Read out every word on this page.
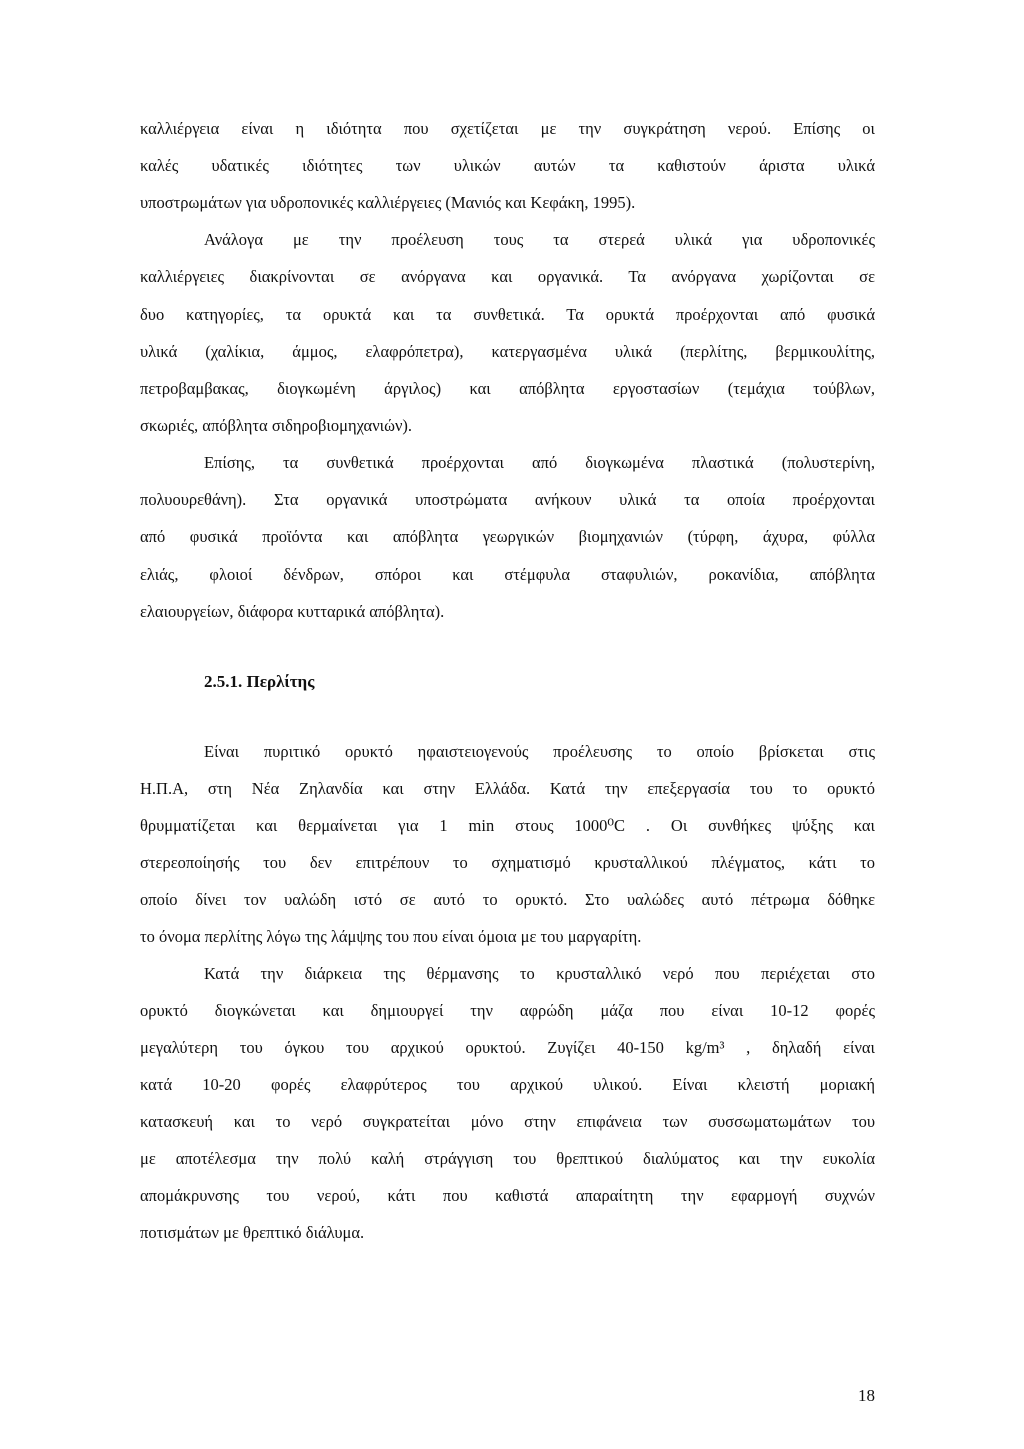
καλλιέργεια είναι η ιδιότητα που σχετίζεται με την συγκράτηση νερού. Επίσης οι
καλές υδατικές ιδιότητες των υλικών αυτών τα καθιστούν άριστα υλικά
υποστρωμάτων για υδροπονικές καλλιέργειες (Μανιός και Κεφάκη, 1995).
Ανάλογα με την προέλευση τους τα στερεά υλικά για υδροπονικές
καλλιέργειες διακρίνονται σε ανόργανα και οργανικά. Τα ανόργανα χωρίζονται σε
δυο κατηγορίες, τα ορυκτά και τα συνθετικά. Τα ορυκτά προέρχονται από φυσικά
υλικά (χαλίκια, άμμος, ελαφρόπετρα), κατεργασμένα υλικά (περλίτης, βερμικουλίτης,
πετροβαμβακας, διογκωμένη άργιλος) και απόβλητα εργοστασίων (τεμάχια τούβλων,
σκωριές, απόβλητα σιδηροβιομηχανιών).
Επίσης, τα συνθετικά προέρχονται από διογκωμένα πλαστικά (πολυστερίνη,
πολυουρεθάνη). Στα οργανικά υποστρώματα ανήκουν υλικά τα οποία προέρχονται
από φυσικά προϊόντα και απόβλητα γεωργικών βιομηχανιών (τύρφη, άχυρα, φύλλα
ελιάς, φλοιοί δένδρων, σπόροι και στέμφυλα σταφυλιών, ροκανίδια, απόβλητα
ελαιουργείων, διάφορα κυτταρικά απόβλητα).
2.5.1. Περλίτης
Είναι πυριτικό ορυκτό ηφαιστειογενούς προέλευσης το οποίο βρίσκεται στις
Η.Π.Α, στη Νέα Ζηλανδία και στην Ελλάδα. Κατά την επεξεργασία του το ορυκτό
θρυμματίζεται και θερμαίνεται για 1 min στους 1000⁰C . Οι συνθήκες ψύξης και
στερεοποίησής του δεν επιτρέπουν το σχηματισμό κρυσταλλικού πλέγματος, κάτι το
οποίο δίνει τον υαλώδη ιστό σε αυτό το ορυκτό. Στο υαλώδες αυτό πέτρωμα δόθηκε
το όνομα περλίτης λόγω της λάμψης του που είναι όμοια με του μαργαρίτη.
Κατά την διάρκεια της θέρμανσης το κρυσταλλικό νερό που περιέχεται στο
ορυκτό διογκώνεται και δημιουργεί την αφρώδη μάζα που είναι 10-12 φορές
μεγαλύτερη του όγκου του αρχικού ορυκτού. Ζυγίζει 40-150 kg/m³ , δηλαδή είναι
κατά 10-20 φορές ελαφρύτερος του αρχικού υλικού. Είναι κλειστή μοριακή
κατασκευή και το νερό συγκρατείται μόνο στην επιφάνεια των συσσωματωμάτων του
με αποτέλεσμα την πολύ καλή στράγγιση του θρεπτικού διαλύματος και την ευκολία
απομάκρυνσης του νερού, κάτι που καθιστά απαραίτητη την εφαρμογή συχνών
ποτισμάτων με θρεπτικό διάλυμα.
18
